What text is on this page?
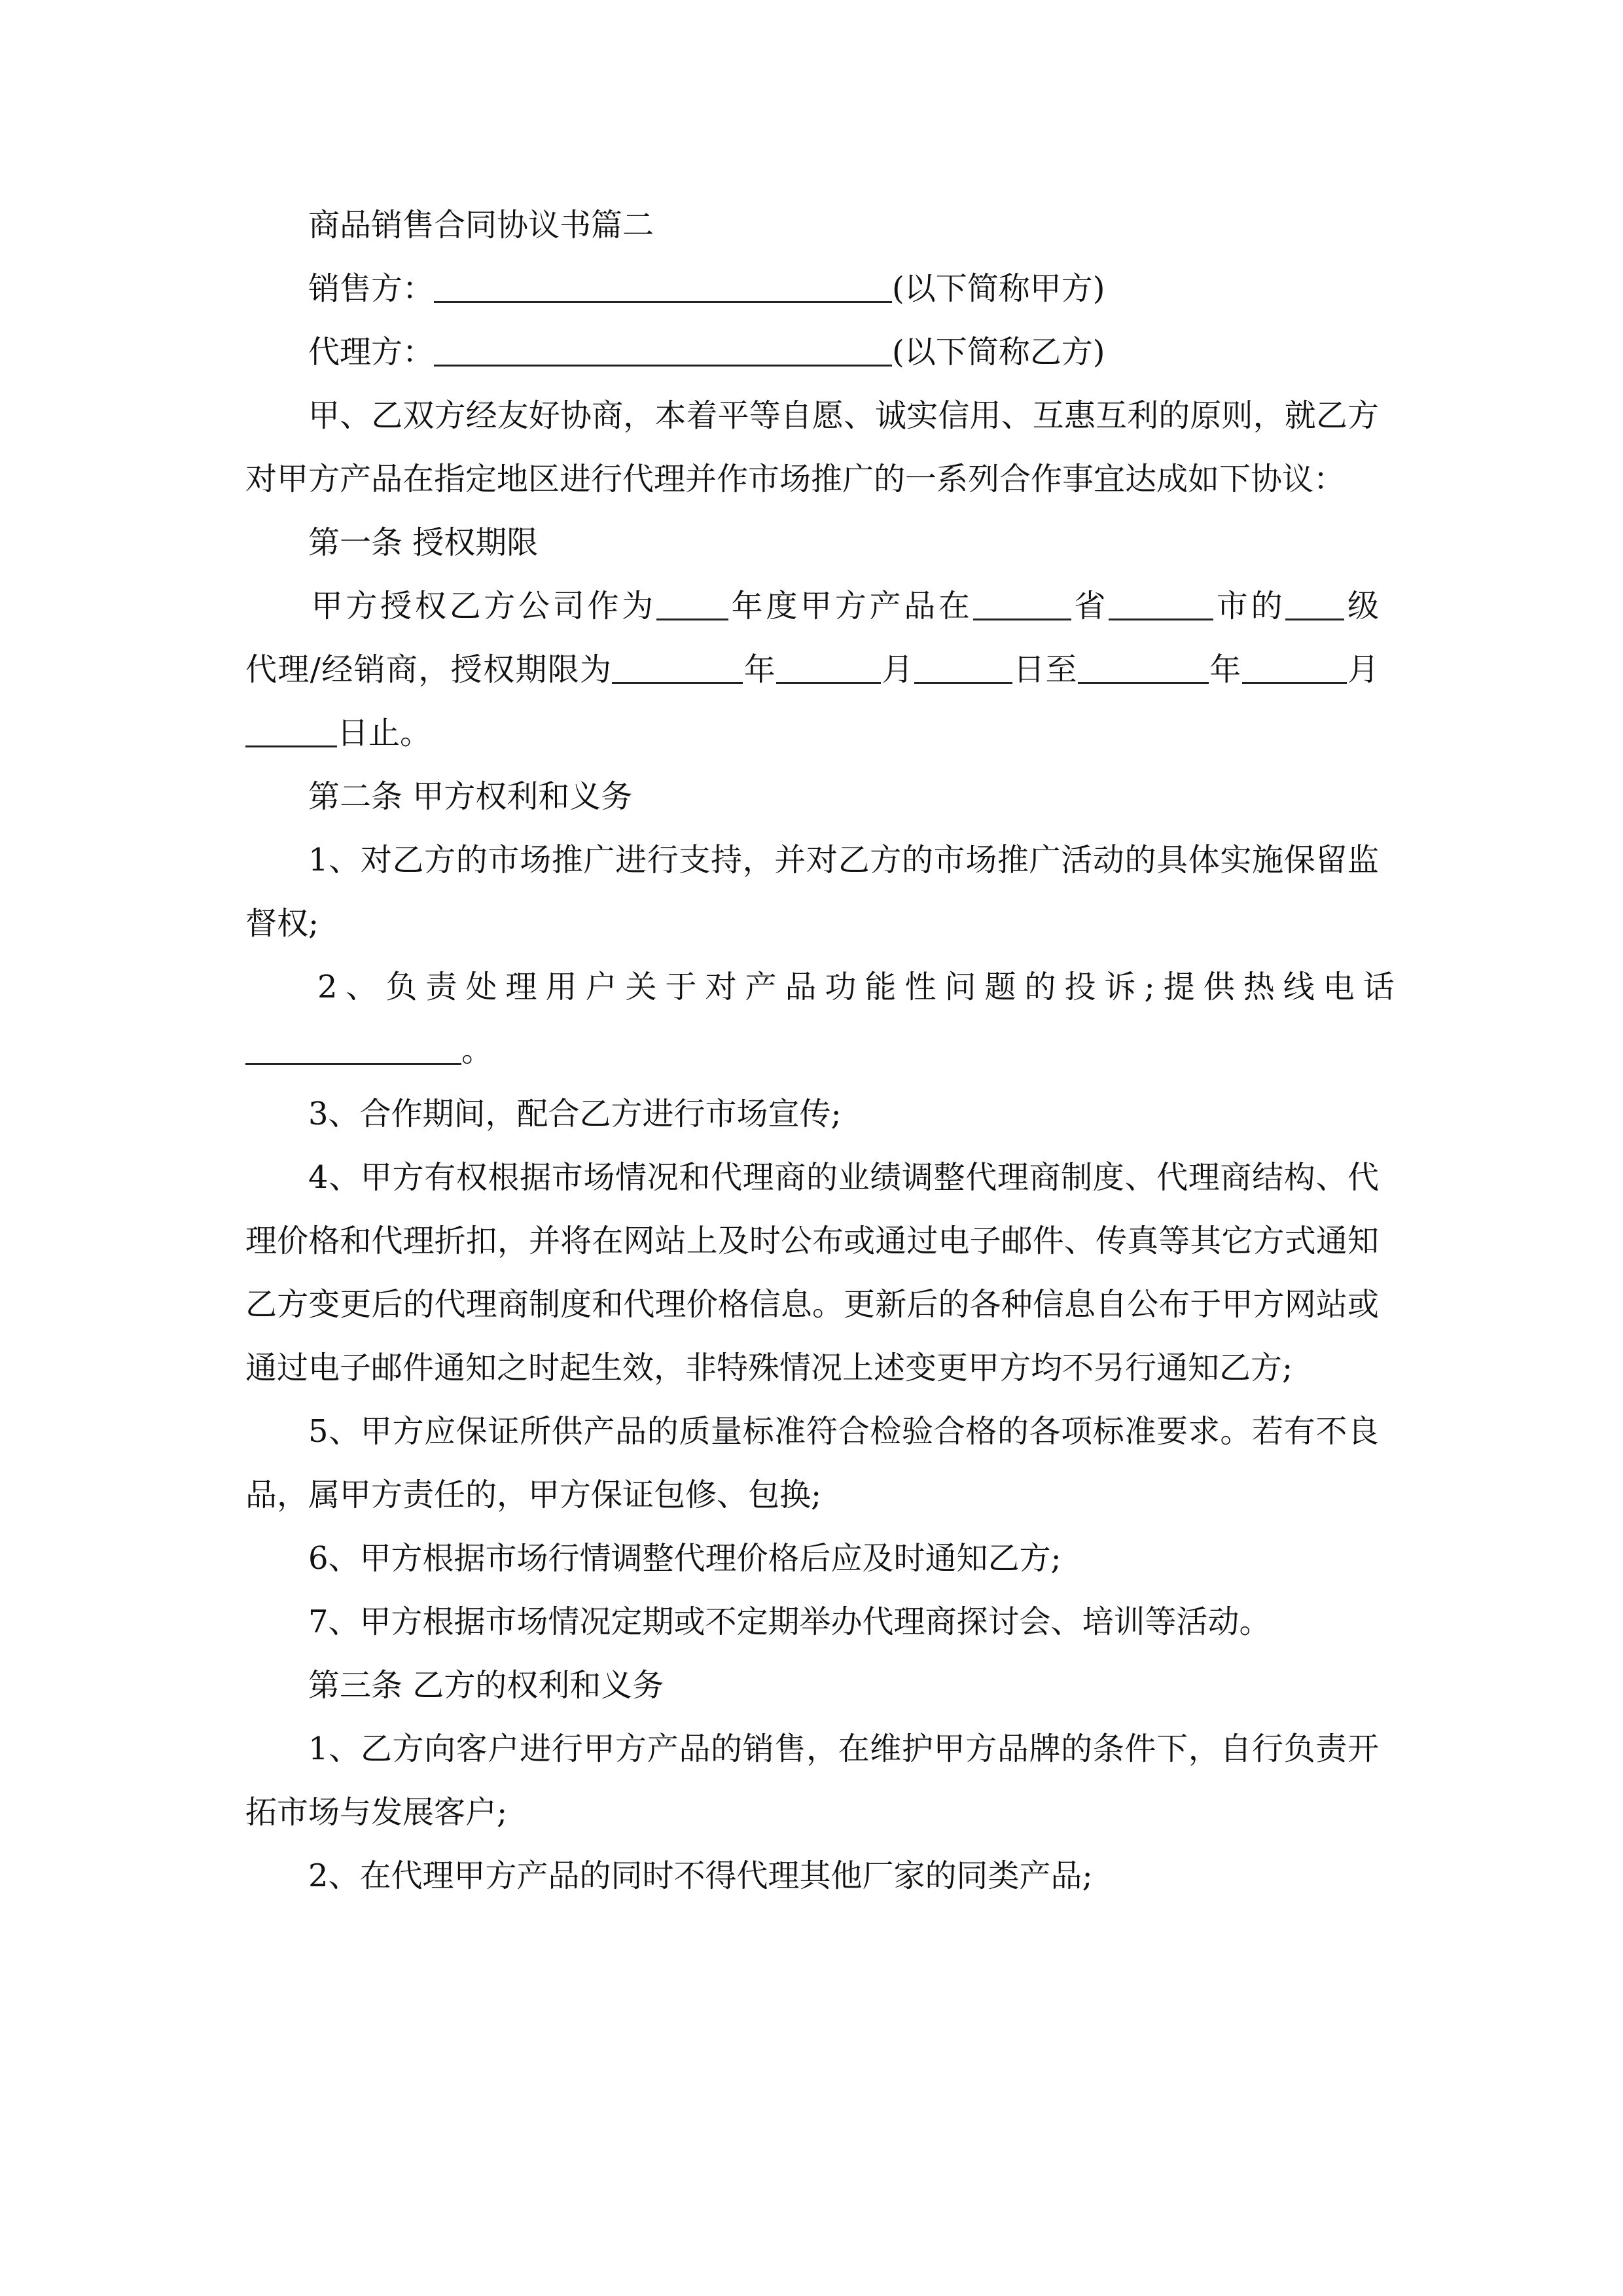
商品销售合同协议书篇二

销售方：	(以下简称甲方)

代理方：	(以下简称乙方)

甲、乙双方经友好协商，本着平等自愿、诚实信用、互惠互利的原则，就乙方对甲方产品在指定地区进行代理并作市场推广的一系列合作事宜达成如下协议：

第一条 授权期限

甲方授权乙方公司作为 年度甲方产品在	省	市的 级
代理/经销商，授权期限为	年	月	日至	年	月
日止。

第二条 甲方权利和义务

1、对乙方的市场推广进行支持，并对乙方的市场推广活动的具体实施保留监督权;

2、负责处理用户关于对产品功能性问题的投诉;提供热线电话
。

3、合作期间，配合乙方进行市场宣传;

4、甲方有权根据市场情况和代理商的业绩调整代理商制度、代理商结构、代理价格和代理折扣，并将在网站上及时公布或通过电子邮件、传真等其它方式通知乙方变更后的代理商制度和代理价格信息。更新后的各种信息自公布于甲方网站或通过电子邮件通知之时起生效，非特殊情况上述变更甲方均不另行通知乙方;

5、甲方应保证所供产品的质量标准符合检验合格的各项标准要求。若有不良品，属甲方责任的，甲方保证包修、包换;

6、甲方根据市场行情调整代理价格后应及时通知乙方;

7、甲方根据市场情况定期或不定期举办代理商探讨会、培训等活动。

第三条 乙方的权利和义务

1、乙方向客户进行甲方产品的销售，在维护甲方品牌的条件下，自行负责开拓市场与发展客户;

2、在代理甲方产品的同时不得代理其他厂家的同类产品;
